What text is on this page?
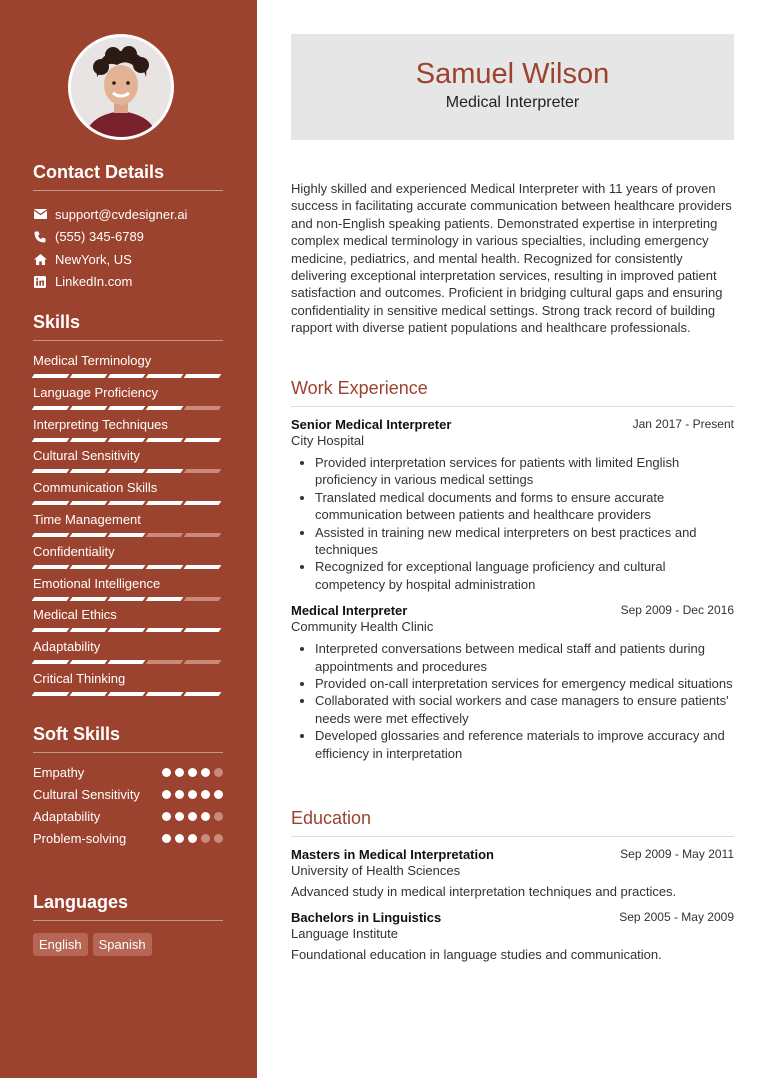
Contact Details
support@cvdesigner.ai
(555) 345-6789
NewYork, US
LinkedIn.com
Skills
Medical Terminology
Language Proficiency
Interpreting Techniques
Cultural Sensitivity
Communication Skills
Time Management
Confidentiality
Emotional Intelligence
Medical Ethics
Adaptability
Critical Thinking
Soft Skills
Empathy
Cultural Sensitivity
Adaptability
Problem-solving
Languages
English	Spanish
Samuel Wilson
Medical Interpreter
Highly skilled and experienced Medical Interpreter with 11 years of proven success in facilitating accurate communication between healthcare providers and non-English speaking patients. Demonstrated expertise in interpreting complex medical terminology in various specialties, including emergency medicine, pediatrics, and mental health. Recognized for consistently delivering exceptional interpretation services, resulting in improved patient satisfaction and outcomes. Proficient in bridging cultural gaps and ensuring confidentiality in sensitive medical settings. Strong track record of building rapport with diverse patient populations and healthcare professionals.
Work Experience
Senior Medical Interpreter	Jan 2017 - Present
City Hospital
• Provided interpretation services for patients with limited English proficiency in various medical settings
• Translated medical documents and forms to ensure accurate communication between patients and healthcare providers
• Assisted in training new medical interpreters on best practices and techniques
• Recognized for exceptional language proficiency and cultural competency by hospital administration
Medical Interpreter	Sep 2009 - Dec 2016
Community Health Clinic
• Interpreted conversations between medical staff and patients during appointments and procedures
• Provided on-call interpretation services for emergency medical situations
• Collaborated with social workers and case managers to ensure patients' needs were met effectively
• Developed glossaries and reference materials to improve accuracy and efficiency in interpretation
Education
Masters in Medical Interpretation	Sep 2009 - May 2011
University of Health Sciences
Advanced study in medical interpretation techniques and practices.
Bachelors in Linguistics	Sep 2005 - May 2009
Language Institute
Foundational education in language studies and communication.
